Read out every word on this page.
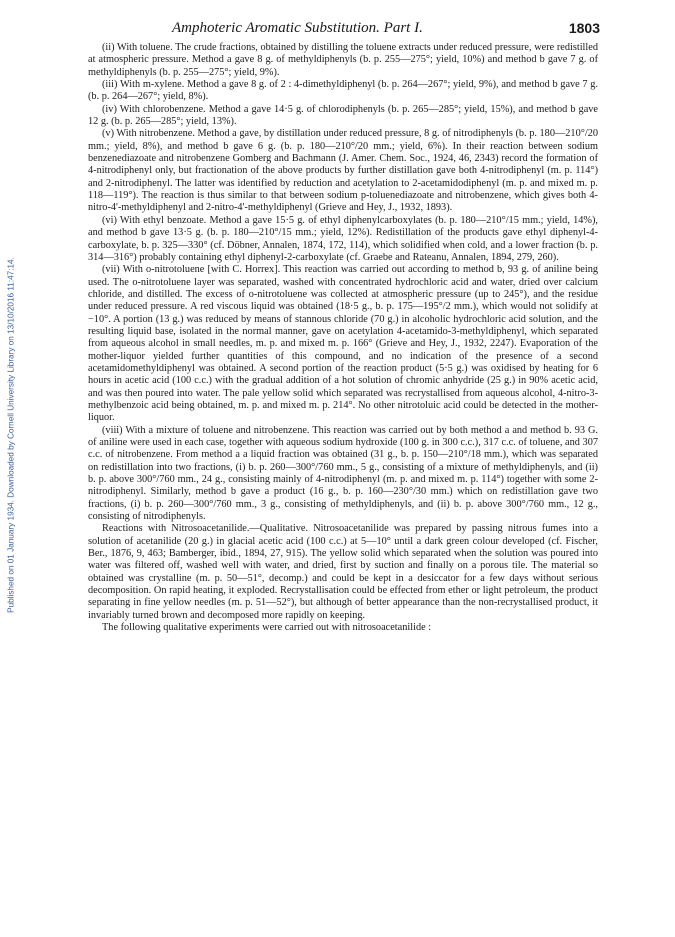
Published on 01 January 1934. Downloaded by Cornell University Library on 13/10/2016 11:47:14.
Amphoteric Aromatic Substitution. Part I.	1803

(ii) With toluene. The crude fractions, obtained by distilling the toluene extracts under reduced pressure, were redistilled at atmospheric pressure. Method a gave 8 g. of methyldiphenyls (b. p. 255—275°; yield, 10%) and method b gave 7 g. of methyldiphenyls (b. p. 255—275°; yield, 9%).

(iii) With m-xylene. Method a gave 8 g. of 2 : 4-dimethyldiphenyl (b. p. 264—267°; yield, 9%), and method b gave 7 g. (b. p. 264—267°; yield, 8%).

(iv) With chlorobenzene. Method a gave 14·5 g. of chlorodiphenyls (b. p. 265—285°; yield, 15%), and method b gave 12 g. (b. p. 265—285°; yield, 13%).

(v) With nitrobenzene. Method a gave, by distillation under reduced pressure, 8 g. of nitrodiphenyls (b. p. 180—210°/20 mm.; yield, 8%), and method b gave 6 g. (b. p. 180—210°/20 mm.; yield, 6%). In their reaction between sodium benzenediazoate and nitrobenzene Gomberg and Bachmann (J. Amer. Chem. Soc., 1924, 46, 2343) record the formation of 4-nitrodiphenyl only, but fractionation of the above products by further distillation gave both 4-nitrodiphenyl (m. p. 114°) and 2-nitrodiphenyl. The latter was identified by reduction and acetylation to 2-acetamidodiphenyl (m. p. and mixed m. p. 118—119°). The reaction is thus similar to that between sodium p-toluenediazoate and nitrobenzene, which gives both 4-nitro-4'-methyldiphenyl and 2-nitro-4'-methyldiphenyl (Grieve and Hey, J., 1932, 1893).

(vi) With ethyl benzoate. Method a gave 15·5 g. of ethyl diphenylcarboxylates (b. p. 180—210°/15 mm.; yield, 14%), and method b gave 13·5 g. (b. p. 180—210°/15 mm.; yield, 12%). Redistillation of the products gave ethyl diphenyl-4-carboxylate, b. p. 325—330° (cf. Döbner, Annalen, 1874, 172, 114), which solidified when cold, and a lower fraction (b. p. 314—316°) probably containing ethyl diphenyl-2-carboxylate (cf. Graebe and Rateanu, Annalen, 1894, 279, 260).

(vii) With o-nitrotoluene [with C. Horrex]. This reaction was carried out according to method b, 93 g. of aniline being used. The o-nitrotoluene layer was separated, washed with concentrated hydrochloric acid and water, dried over calcium chloride, and distilled. The excess of o-nitrotoluene was collected at atmospheric pressure (up to 245°), and the residue under reduced pressure. A red viscous liquid was obtained (18·5 g., b. p. 175—195°/2 mm.), which would not solidify at −10°. A portion (13 g.) was reduced by means of stannous chloride (70 g.) in alcoholic hydrochloric acid solution, and the resulting liquid base, isolated in the normal manner, gave on acetylation 4-acetamido-3-methyldiphenyl, which separated from aqueous alcohol in small needles, m. p. and mixed m. p. 166° (Grieve and Hey, J., 1932, 2247). Evaporation of the mother-liquor yielded further quantities of this compound, and no indication of the presence of a second acetamidomethyldiphenyl was obtained. A second portion of the reaction product (5·5 g.) was oxidised by heating for 6 hours in acetic acid (100 c.c.) with the gradual addition of a hot solution of chromic anhydride (25 g.) in 90% acetic acid, and was then poured into water. The pale yellow solid which separated was recrystallised from aqueous alcohol, 4-nitro-3-methylbenzoic acid being obtained, m. p. and mixed m. p. 214°. No other nitrotoluic acid could be detected in the mother-liquor.

(viii) With a mixture of toluene and nitrobenzene. This reaction was carried out by both method a and method b. 93 G. of aniline were used in each case, together with aqueous sodium hydroxide (100 g. in 300 c.c.), 317 c.c. of toluene, and 307 c.c. of nitrobenzene. From method a a liquid fraction was obtained (31 g., b. p. 150—210°/18 mm.), which was separated on redistillation into two fractions, (i) b. p. 260—300°/760 mm., 5 g., consisting of a mixture of methyldiphenyls, and (ii) b. p. above 300°/760 mm., 24 g., consisting mainly of 4-nitrodiphenyl (m. p. and mixed m. p. 114°) together with some 2-nitrodiphenyl. Similarly, method b gave a product (16 g., b. p. 160—230°/30 mm.) which on redistillation gave two fractions, (i) b. p. 260—300°/760 mm., 3 g., consisting of methyldiphenyls, and (ii) b. p. above 300°/760 mm., 12 g., consisting of nitrodiphenyls.

Reactions with Nitrosoacetanilide.—Qualitative. Nitrosoacetanilide was prepared by passing nitrous fumes into a solution of acetanilide (20 g.) in glacial acetic acid (100 c.c.) at 5—10° until a dark green colour developed (cf. Fischer, Ber., 1876, 9, 463; Bamberger, ibid., 1894, 27, 915). The yellow solid which separated when the solution was poured into water was filtered off, washed well with water, and dried, first by suction and finally on a porous tile. The material so obtained was crystalline (m. p. 50—51°, decomp.) and could be kept in a desiccator for a few days without serious decomposition. On rapid heating, it exploded. Recrystallisation could be effected from ether or light petroleum, the product separating in fine yellow needles (m. p. 51—52°), but although of better appearance than the non-recrystallised product, it invariably turned brown and decomposed more rapidly on keeping.

The following qualitative experiments were carried out with nitrosoacetanilide :
